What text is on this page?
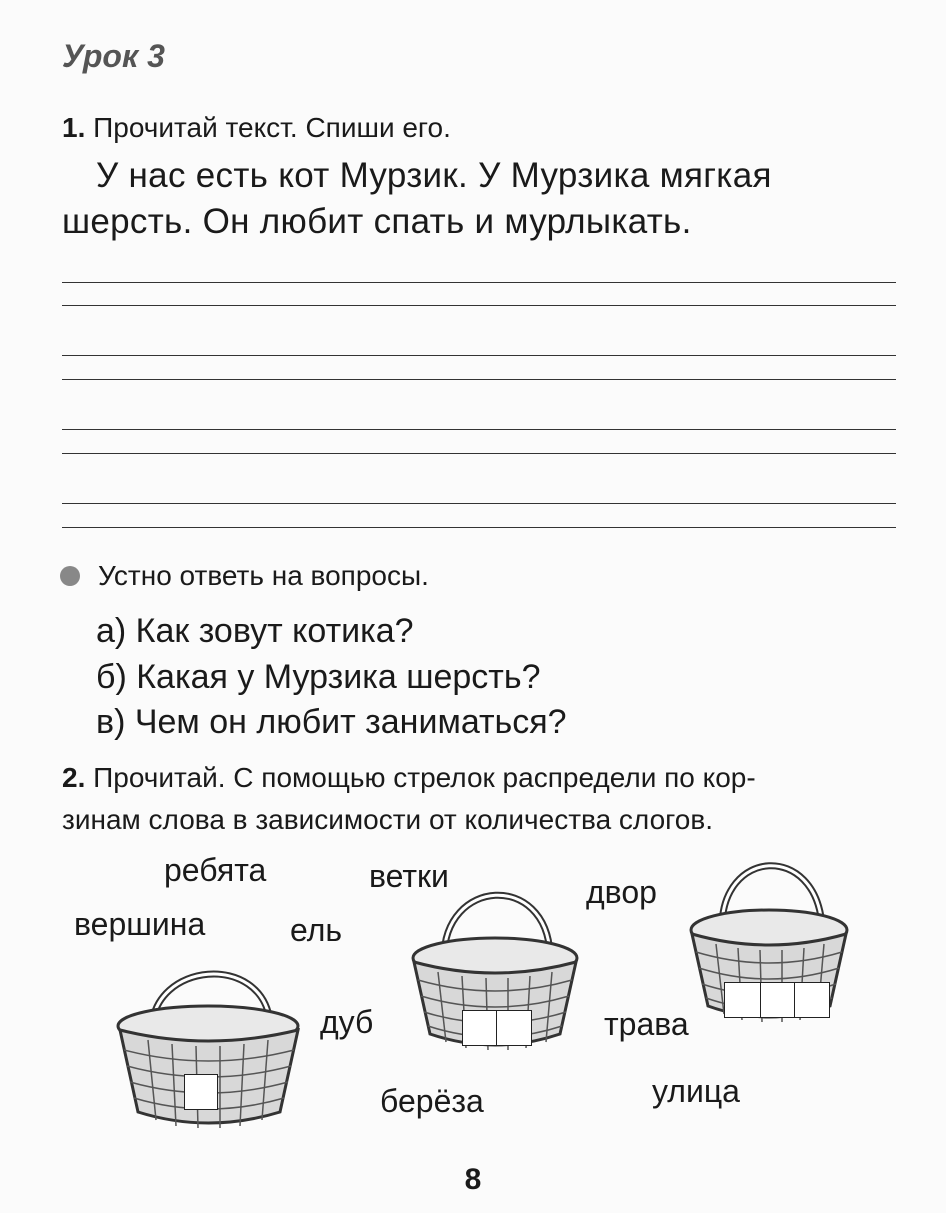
Урок 3
1. Прочитай текст. Спиши его.
У нас есть кот Мурзик. У Мурзика мягкая
шерсть. Он любит спать и мурлыкать.
Устно ответь на вопросы.
а) Как зовут котика?
б) Какая у Мурзика шерсть?
в) Чем он любит заниматься?
2. Прочитай. С помощью стрелок распредели по кор-
зинам слова в зависимости от количества слогов.
ребята	ветки	двор
вершина	ель
дуб	трава
берёза	улица
8
